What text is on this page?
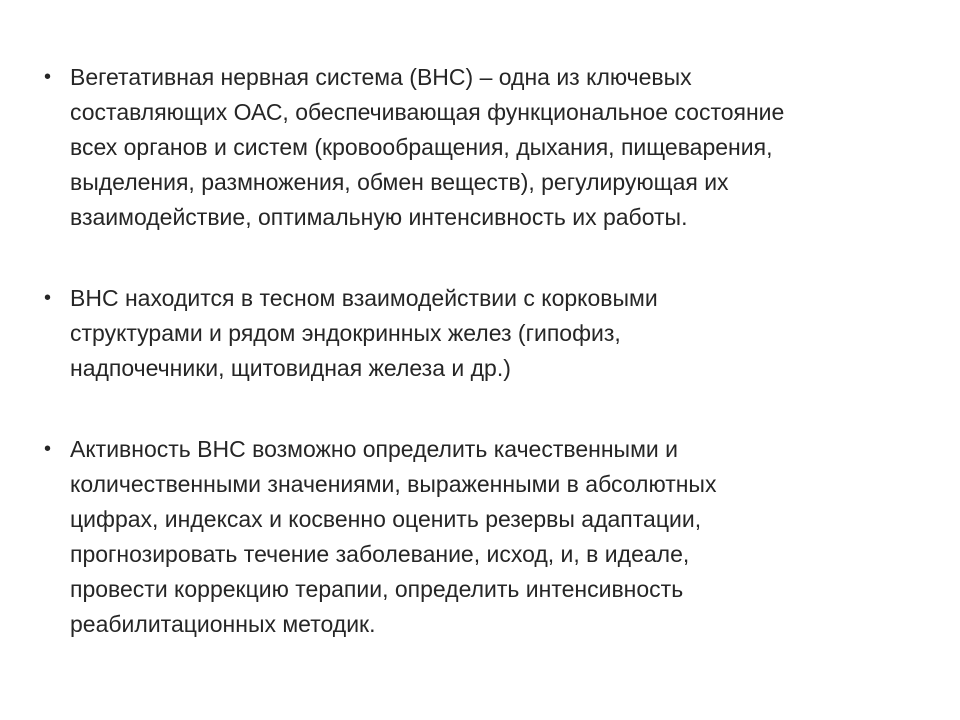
• Вегетативная нервная система (ВНС) – одна из ключевых
составляющих ОАС, обеспечивающая функциональное состояние
всех органов и систем (кровообращения, дыхания, пищеварения,
выделения, размножения, обмен веществ), регулирующая их
взаимодействие, оптимальную интенсивность их работы.
• ВНС находится в тесном взаимодействии с корковыми
структурами и рядом эндокринных желез (гипофиз,
надпочечники, щитовидная железа и др.)
• Активность ВНС возможно определить качественными и
количественными значениями, выраженными в абсолютных
цифрах, индексах и косвенно оценить резервы адаптации,
прогнозировать течение заболевание, исход, и, в идеале,
провести коррекцию терапии, определить интенсивность
реабилитационных методик.
